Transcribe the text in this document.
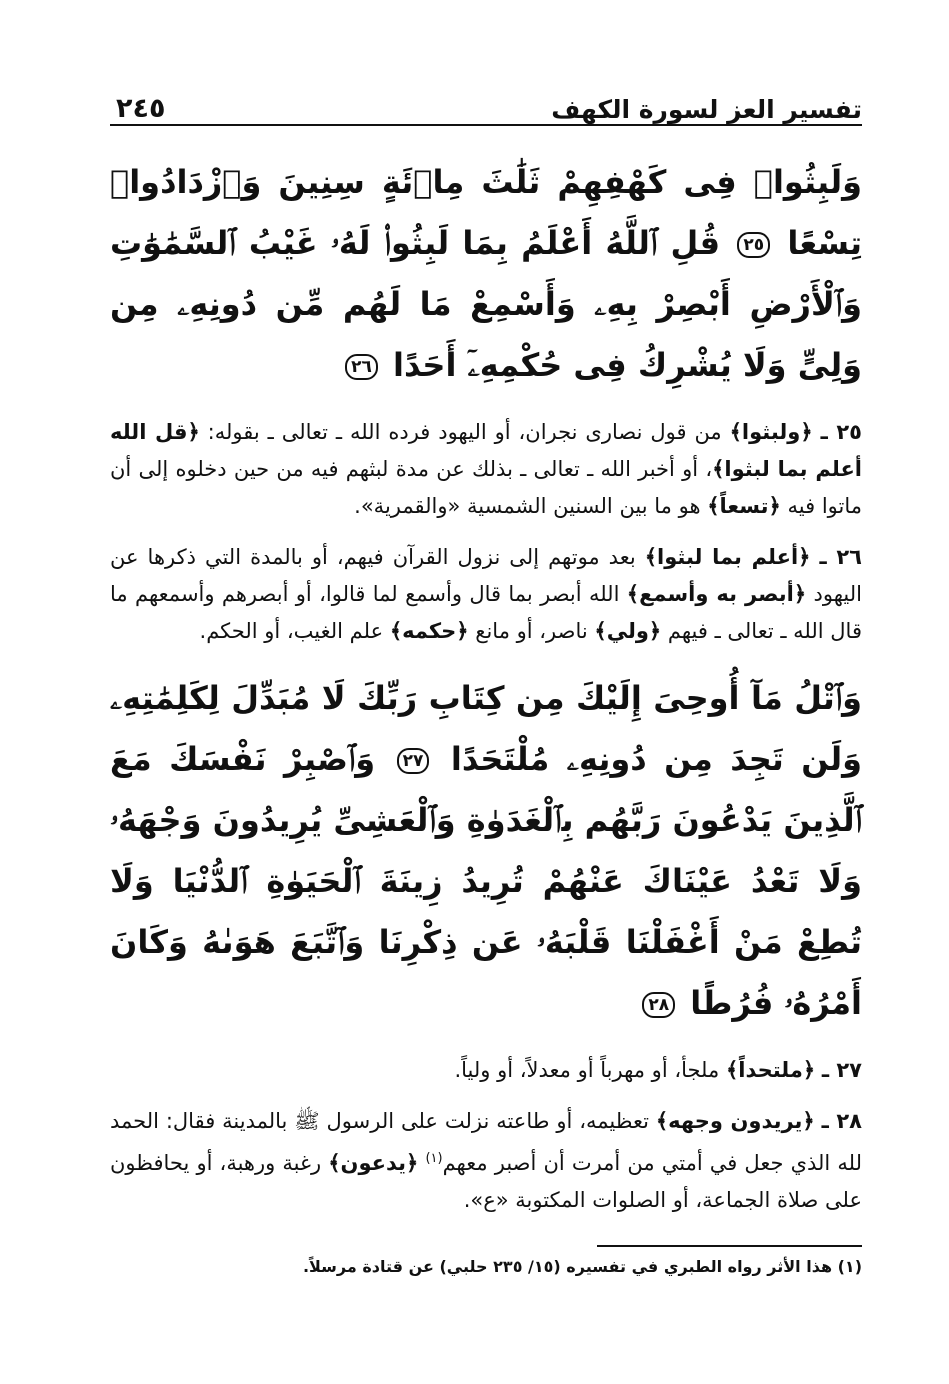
تفسير العز لسورة الكهف
٢٤٥
وَلَبِثُوا۟ فِى كَهْفِهِمْ ثَلَٰثَ مِا۟ئَةٍ سِنِينَ وَٱزْدَادُوا۟ تِسْعًا ٢٥ قُلِ ٱللَّهُ أَعْلَمُ بِمَا لَبِثُوا۟ لَهُۥ غَيْبُ ٱلسَّمَٰوَٰتِ وَٱلْأَرْضِ أَبْصِرْ بِهِۦ وَأَسْمِعْ مَا لَهُم مِّن دُونِهِۦ مِن وَلِىٍّ وَلَا يُشْرِكُ فِى حُكْمِهِۦٓ أَحَدًا ٢٦
٢٥ ـ ﴿ولبثوا﴾ من قول نصارى نجران، أو اليهود فرده الله ـ تعالى ـ بقوله: ﴿قل الله أعلم بما لبثوا﴾، أو أخبر الله ـ تعالى ـ بذلك عن مدة لبثهم فيه من حين دخلوه إلى أن ماتوا فيه ﴿تسعاً﴾ هو ما بين السنين الشمسية «والقمرية».
٢٦ ـ ﴿أعلم بما لبثوا﴾ بعد موتهم إلى نزول القرآن فيهم، أو بالمدة التي ذكرها عن اليهود ﴿أبصر به وأسمع﴾ الله أبصر بما قال وأسمع لما قالوا، أو أبصرهم وأسمعهم ما قال الله ـ تعالى ـ فيهم ﴿ولي﴾ ناصر، أو مانع ﴿حكمه﴾ علم الغيب، أو الحكم.
وَٱتْلُ مَآ أُوحِىَ إِلَيْكَ مِن كِتَابِ رَبِّكَ لَا مُبَدِّلَ لِكَلِمَٰتِهِۦ وَلَن تَجِدَ مِن دُونِهِۦ مُلْتَحَدًا ٢٧ وَٱصْبِرْ نَفْسَكَ مَعَ ٱلَّذِينَ يَدْعُونَ رَبَّهُم بِٱلْغَدَوٰةِ وَٱلْعَشِىِّ يُرِيدُونَ وَجْهَهُۥ وَلَا تَعْدُ عَيْنَاكَ عَنْهُمْ تُرِيدُ زِينَةَ ٱلْحَيَوٰةِ ٱلدُّنْيَا وَلَا تُطِعْ مَنْ أَغْفَلْنَا قَلْبَهُۥ عَن ذِكْرِنَا وَٱتَّبَعَ هَوَىٰهُ وَكَانَ أَمْرُهُۥ فُرُطًا ٢٨
٢٧ ـ ﴿ملتحداً﴾ ملجأ، أو مهرباً أو معدلاً، أو ولياً.
٢٨ ـ ﴿يريدون وجهه﴾ تعظيمه، أو طاعته نزلت على الرسول ﷺ بالمدينة فقال: الحمد لله الذي جعل في أمتي من أمرت أن أصبر معهم$^{(١)}$ ﴿يدعون﴾ رغبة ورهبة، أو يحافظون على صلاة الجماعة، أو الصلوات المكتوبة «ع».
(١) هذا الأثر رواه الطبري في تفسيره (١٥/ ٢٣٥ حلبي) عن قتادة مرسلاً.
